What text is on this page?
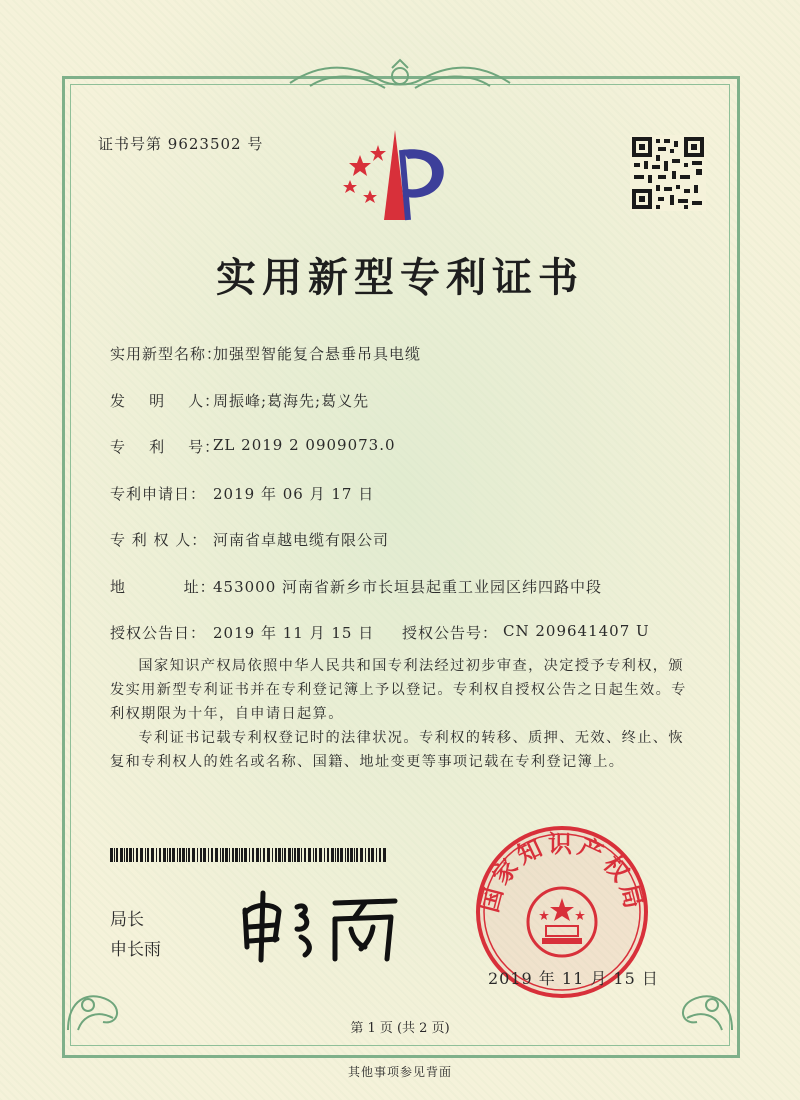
证书号第 9623502 号
实用新型专利证书
实用新型名称：
加强型智能复合悬垂吊具电缆
发    明    人：
周振峰;葛海先;葛义先
专    利    号：
ZL 2019 2 0909073.0
专利申请日： 2019 年 06 月 17 日
专 利 权 人： 河南省卓越电缆有限公司
地          址：
453000 河南省新乡市长垣县起重工业园区纬四路中段
授权公告日： 2019 年 11 月 15 日 授权公告号： CN 209641407 U
国家知识产权局依照中华人民共和国专利法经过初步审查，决定授予专利权，颁发实用新型专利证书并在专利登记簿上予以登记。专利权自授权公告之日起生效。专利权期限为十年，自申请日起算。
专利证书记载专利权登记时的法律状况。专利权的转移、质押、无效、终止、恢复和专利权人的姓名或名称、国籍、地址变更等事项记载在专利登记簿上。
局长
申长雨
国家知识产权局
2019 年 11 月 15 日
第 1 页 (共 2 页)
其他事项参见背面
